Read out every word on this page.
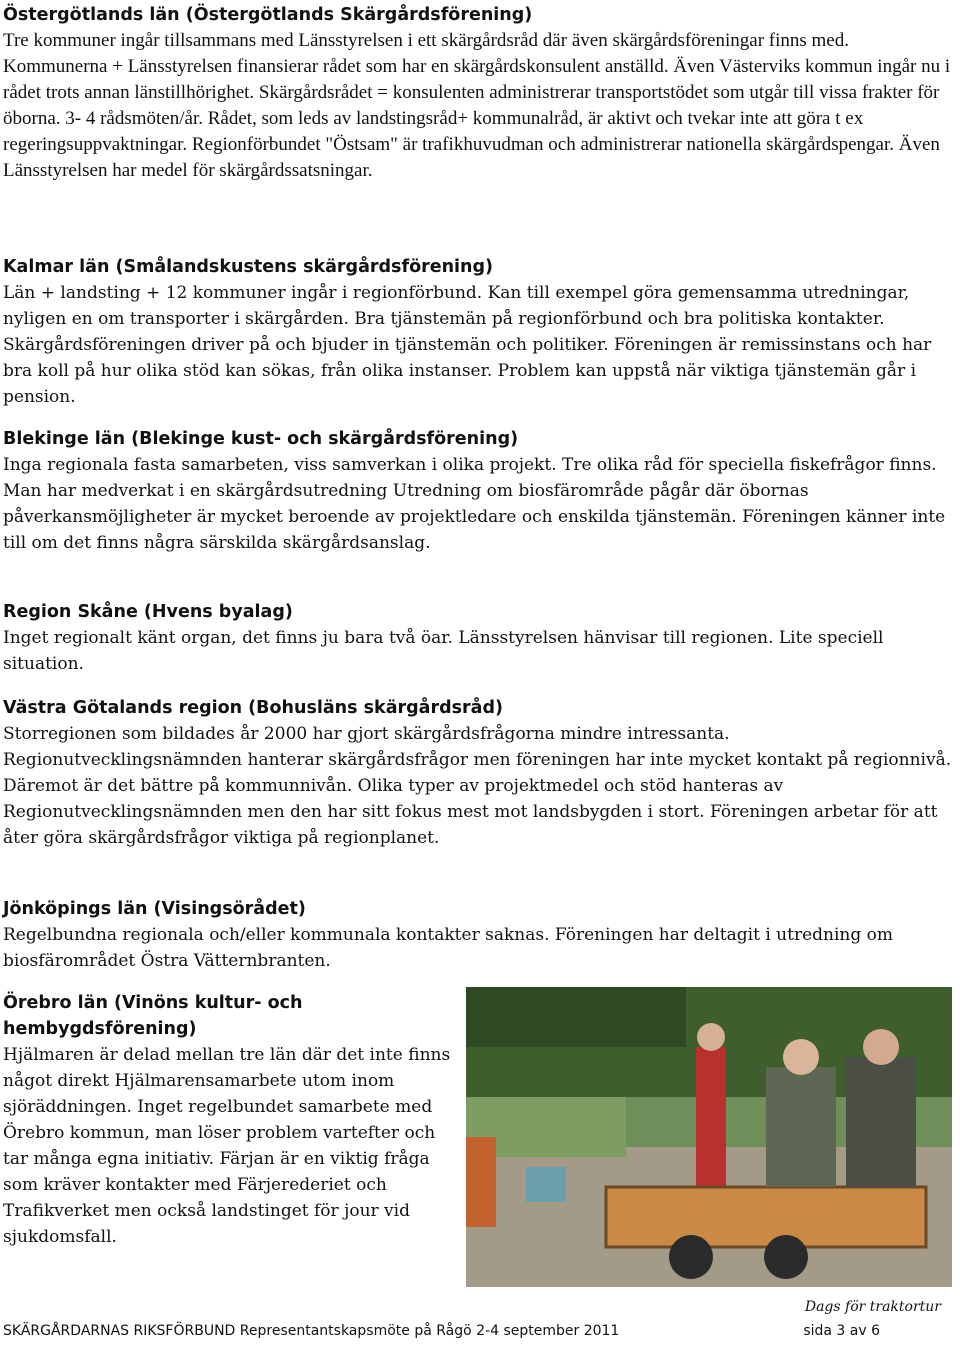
Östergötlands län (Östergötlands Skärgårdsförening)

Tre kommuner ingår tillsammans med Länsstyrelsen i ett skärgårdsråd där även skärgårdsföreningar finns med. Kommunerna + Länsstyrelsen finansierar rådet som har en skärgårdskonsulent anställd. Även Västerviks kommun ingår nu i rådet trots annan länstillhörighet. Skärgårdsrådet = konsulenten administrerar transportstödet som utgår till vissa frakter för öborna. 3- 4 rådsmöten/år. Rådet, som leds av landstingsråd+ kommunalråd, är aktivt och tvekar inte att göra t ex regeringsuppvaktningar. Regionförbundet "Östsam" är trafikhuvudman och administrerar nationella skärgårdspengar. Även Länsstyrelsen har medel för skärgårdssatsningar.

Kalmar län (Smålandskustens skärgårdsförening)

Län + landsting + 12 kommuner ingår i regionförbund. Kan till exempel göra gemensamma utredningar, nyligen en om transporter i skärgården. Bra tjänstemän på regionförbund och bra politiska kontakter. Skärgårdsföreningen driver på och bjuder in tjänstemän och politiker. Föreningen är remissinstans och har bra koll på hur olika stöd kan sökas, från olika instanser. Problem kan uppstå när viktiga tjänstemän går i pension.

Blekinge län (Blekinge kust- och skärgårdsförening)

Inga regionala fasta samarbeten, viss samverkan i olika projekt. Tre olika råd för speciella fiskefrågor finns. Man har medverkat i en skärgårdsutredning Utredning om biosfärområde pågår där öbornas påverkansmöjligheter är mycket beroende av projektledare och enskilda tjänstemän. Föreningen känner inte till om det finns några särskilda skärgårdsanslag.

Region Skåne (Hvens byalag)

Inget regionalt känt organ, det finns ju bara två öar. Länsstyrelsen hänvisar till regionen. Lite speciell situation.

Västra Götalands region (Bohusläns skärgårdsråd)

Storregionen som bildades år 2000 har gjort skärgårdsfrågorna mindre intressanta. Regionutvecklingsnämnden hanterar skärgårdsfrågor men föreningen har inte mycket kontakt på regionnivå. Däremot är det bättre på kommunnivån. Olika typer av projektmedel och stöd hanteras av Regionutvecklingsnämnden men den har sitt fokus mest mot landsbygden i stort. Föreningen arbetar för att åter göra skärgårdsfrågor viktiga på regionplanet.

Jönköpings län (Visingsörådet)

Regelbundna regionala och/eller kommunala kontakter saknas. Föreningen har deltagit i utredning om biosfärområdet Östra Vätternbranten.

Örebro län (Vinöns kultur- och hembygdsförening)

Hjälmaren är delad mellan tre län där det inte finns något direkt Hjälmarensamarbete utom inom sjöräddningen. Inget regelbundet samarbete med Örebro kommun, man löser problem vartefter och tar många egna initiativ. Färjan är en viktig fråga som kräver kontakter med Färjerederiet och Trafikverket men också landstinget för jour vid sjukdomsfall.

Dags för traktortur
SKÄRGÅRDARNAS RIKSFÖRBUND Representantskapsmöte på Rågö 2-4 september 2011	sida 3 av 6
